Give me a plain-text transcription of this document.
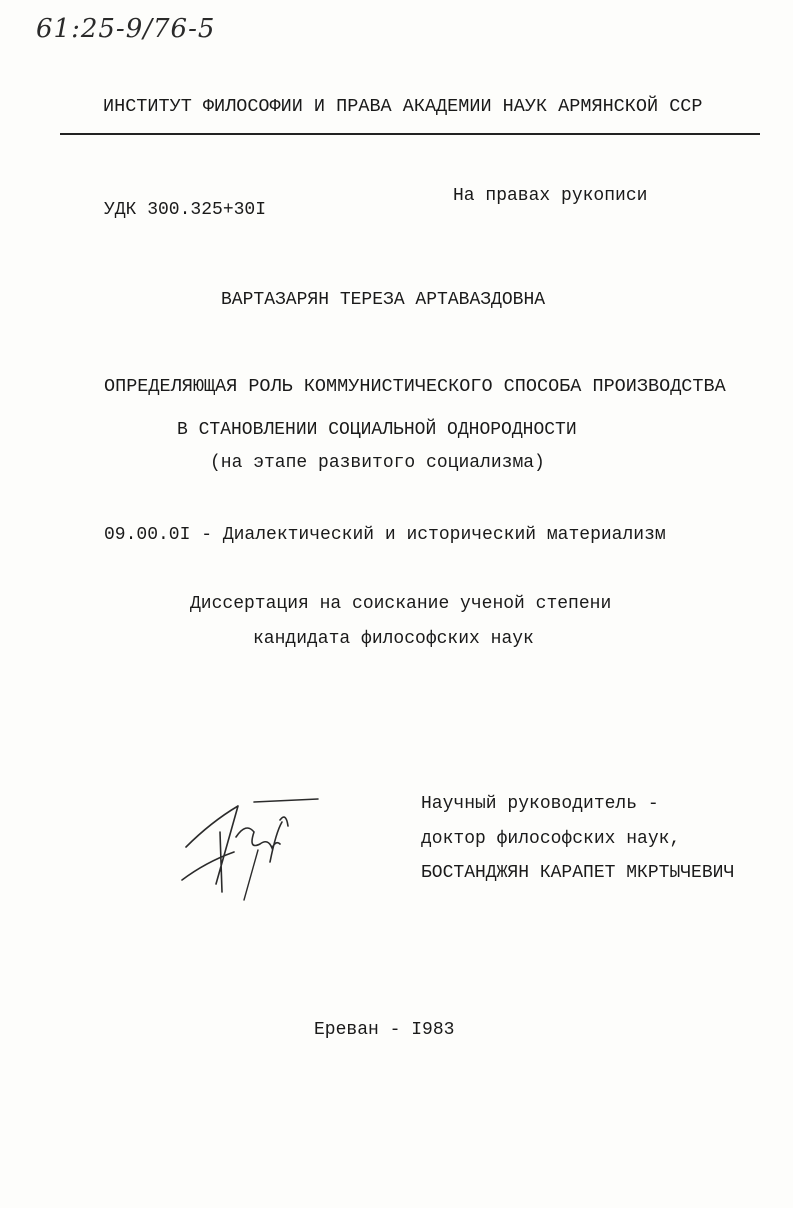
61:25-9/76-5
ИНСТИТУТ ФИЛОСОФИИ И ПРАВА АКАДЕМИИ НАУК АРМЯНСКОЙ ССР
УДК 300.325+30I
На правах рукописи
ВАРТАЗАРЯН ТЕРЕЗА АРТАВАЗДОВНА
ОПРЕДЕЛЯЮЩАЯ РОЛЬ КОММУНИСТИЧЕСКОГО СПОСОБА ПРОИЗВОДСТВА
В СТАНОВЛЕНИИ СОЦИАЛЬНОЙ ОДНОРОДНОСТИ
(на этапе развитого социализма)
09.00.0I - Диалектический и исторический материализм
Диссертация на соискание ученой степени
кандидата философских наук
Научный руководитель -
доктор философских наук,
БОСТАНДЖЯН КАРАПЕТ МКРТЫЧЕВИЧ
Ереван - I983
